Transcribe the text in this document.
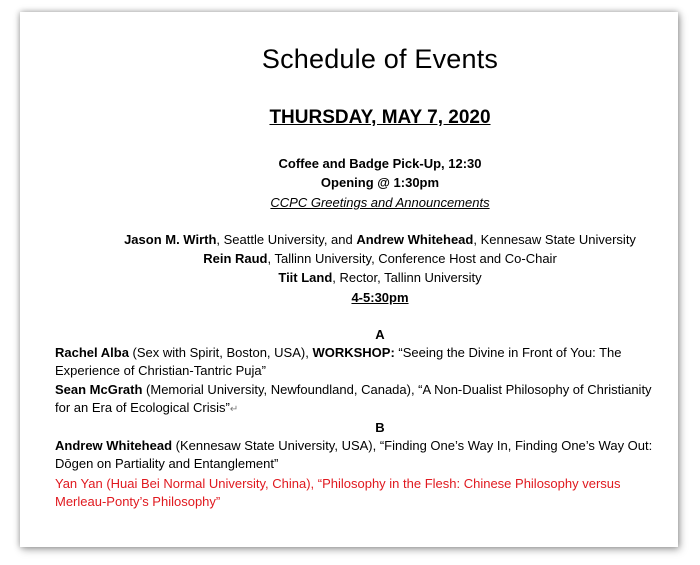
Schedule of Events
THURSDAY, MAY 7, 2020
Coffee and Badge Pick-Up, 12:30
Opening @ 1:30pm
CCPC Greetings and Announcements
Jason M. Wirth, Seattle University, and Andrew Whitehead, Kennesaw State University
Rein Raud, Tallinn University, Conference Host and Co-Chair
Tiit Land, Rector, Tallinn University
4-5:30pm
A
Rachel Alba (Sex with Spirit, Boston, USA), WORKSHOP: “Seeing the Divine in Front of You: The Experience of Christian-Tantric Puja”
Sean McGrath (Memorial University, Newfoundland, Canada), “A Non-Dualist Philosophy of Christianity for an Era of Ecological Crisis”↵
B
Andrew Whitehead (Kennesaw State University, USA), “Finding One’s Way In, Finding One’s Way Out: Dōgen on Partiality and Entanglement”
Yan Yan (Huai Bei Normal University, China), “Philosophy in the Flesh: Chinese Philosophy versus Merleau-Ponty’s Philosophy”
